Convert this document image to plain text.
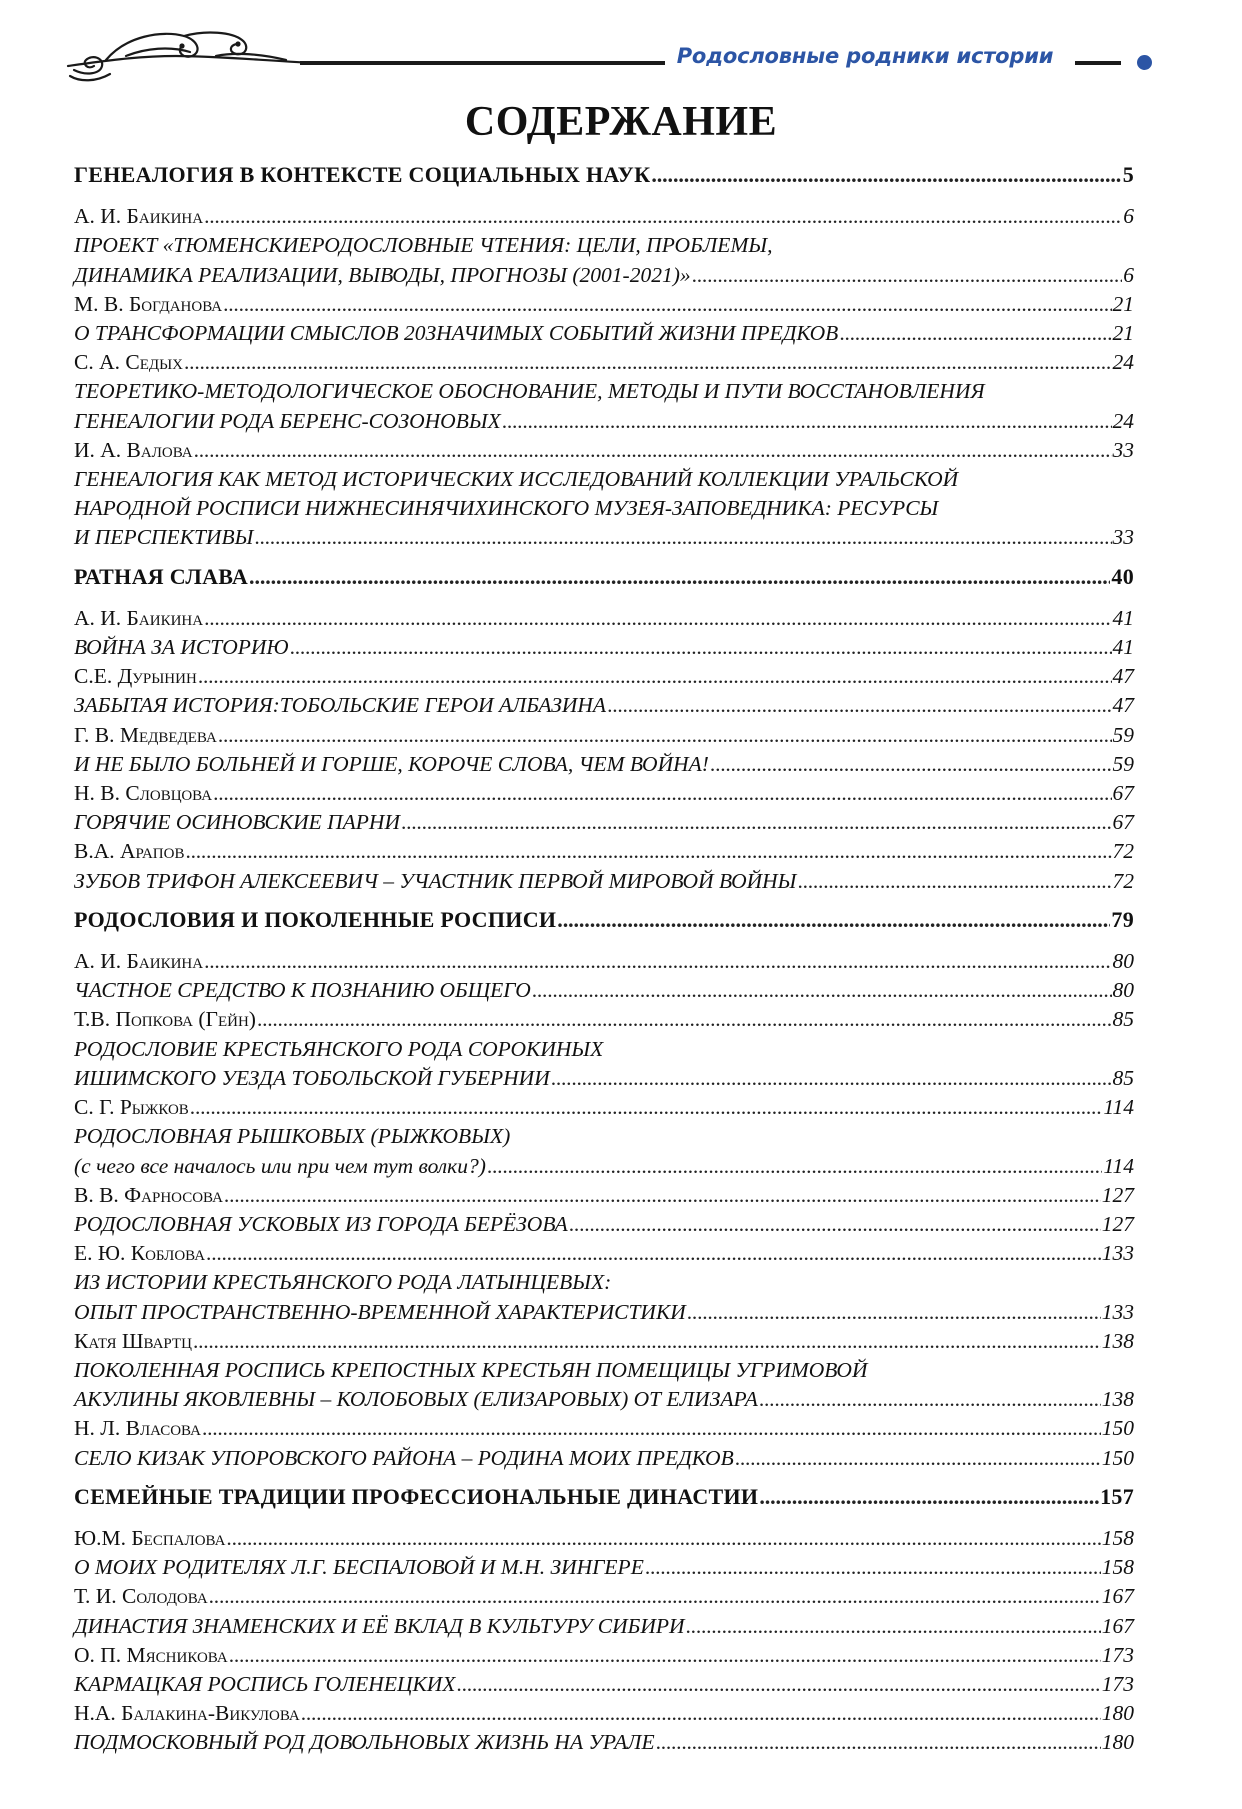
Родословные родники истории
СОДЕРЖАНИЕ
ГЕНЕАЛОГИЯ В КОНТЕКСТЕ СОЦИАЛЬНЫХ НАУК . . .	5
А. И. Баикина . . .	6
ПРОЕКТ «ТЮМЕНСКИЕРОДОСЛОВНЫЕ ЧТЕНИЯ: ЦЕЛИ, ПРОБЛЕМЫ,
ДИНАМИКА РЕАЛИЗАЦИИ, ВЫВОДЫ, ПРОГНОЗЫ (2001-2021)» . . .	6
М. В. Богданова . . .	21
О ТРАНСФОРМАЦИИ СМЫСЛОВ 20ЗНАЧИМЫХ СОБЫТИЙ ЖИЗНИ ПРЕДКОВ . . .	21
С. А. Седых . . .	24
ТЕОРЕТИКО-МЕТОДОЛОГИЧЕСКОЕ ОБОСНОВАНИЕ, МЕТОДЫ И ПУТИ ВОССТАНОВЛЕНИЯ
ГЕНЕАЛОГИИ РОДА БЕРЕНС-СОЗОНОВЫХ . . .	24
И. А. Валова . . .	33
ГЕНЕАЛОГИЯ КАК МЕТОД ИСТОРИЧЕСКИХ ИССЛЕДОВАНИЙ КОЛЛЕКЦИИ УРАЛЬСКОЙ
НАРОДНОЙ РОСПИСИ НИЖНЕСИНЯЧИХИНСКОГО МУЗЕЯ-ЗАПОВЕДНИКА: РЕСУРСЫ
И ПЕРСПЕКТИВЫ . . .	33
РАТНАЯ СЛАВА . . .	40
А. И. Баикина . . .	41
ВОЙНА ЗА ИСТОРИЮ . . .	41
С.Е. Дурынин . . .	47
ЗАБЫТАЯ ИСТОРИЯ:ТОБОЛЬСКИЕ ГЕРОИ АЛБАЗИНА . . .	47
Г. В. Медведева . . .	59
И НЕ БЫЛО БОЛЬНЕЙ И ГОРШЕ, КОРОЧЕ СЛОВА, ЧЕМ ВОЙНА! . . .	59
Н. В. Словцова . . .	67
ГОРЯЧИЕ ОСИНОВСКИЕ ПАРНИ . . .	67
В.А. Арапов . . .	72
ЗУБОВ ТРИФОН АЛЕКСЕЕВИЧ – УЧАСТНИК ПЕРВОЙ МИРОВОЙ ВОЙНЫ . . .	72
РОДОСЛОВИЯ И ПОКОЛЕННЫЕ РОСПИСИ . . .	79
А. И. Баикина . . .	80
ЧАСТНОЕ СРЕДСТВО К ПОЗНАНИЮ ОБЩЕГО . . .	80
Т.В. Попкова (Гейн) . . .	85
РОДОСЛОВИЕ КРЕСТЬЯНСКОГО РОДА СОРОКИНЫХ
ИШИМСКОГО УЕЗДА ТОБОЛЬСКОЙ ГУБЕРНИИ . . .	85
С. Г. Рыжков . . .	114
РОДОСЛОВНАЯ РЫШКОВЫХ (РЫЖКОВЫХ)
(с чего все началось или при чем тут волки?) . . .	114
В. В. Фарносова . . .	127
РОДОСЛОВНАЯ УСКОВЫХ ИЗ ГОРОДА БЕРЁЗОВА . . .	127
Е. Ю. Коблова . . .	133
ИЗ ИСТОРИИ КРЕСТЬЯНСКОГО РОДА ЛАТЫНЦЕВЫХ:
ОПЫТ ПРОСТРАНСТВЕННО-ВРЕМЕННОЙ ХАРАКТЕРИСТИКИ . . .	133
Катя Швартц . . .	138
ПОКОЛЕННАЯ РОСПИСЬ КРЕПОСТНЫХ КРЕСТЬЯН ПОМЕЩИЦЫ УГРИМОВОЙ
АКУЛИНЫ ЯКОВЛЕВНЫ – КОЛОБОВЫХ (ЕЛИЗАРОВЫХ) ОТ ЕЛИЗАРА . . .	138
Н. Л. Власова . . .	150
СЕЛО КИЗАК УПОРОВСКОГО РАЙОНА – РОДИНА МОИХ ПРЕДКОВ . . .	150
СЕМЕЙНЫЕ ТРАДИЦИИ ПРОФЕССИОНАЛЬНЫЕ ДИНАСТИИ . . .	157
Ю.М. Беспалова . . .	158
О МОИХ РОДИТЕЛЯХ Л.Г. БЕСПАЛОВОЙ И М.Н. ЗИНГЕРЕ . . .	158
Т. И. Солодова . . .	167
ДИНАСТИЯ ЗНАМЕНСКИХ И ЕЁ ВКЛАД В КУЛЬТУРУ СИБИРИ . . .	167
О. П. Мясникова . . .	173
КАРМАЦКАЯ РОСПИСЬ ГОЛЕНЕЦКИХ . . .	173
Н.А. Балакина-Викулова . . .	180
ПОДМОСКОВНЫЙ РОД ДОВОЛЬНОВЫХ ЖИЗНЬ НА УРАЛЕ . . .	180
